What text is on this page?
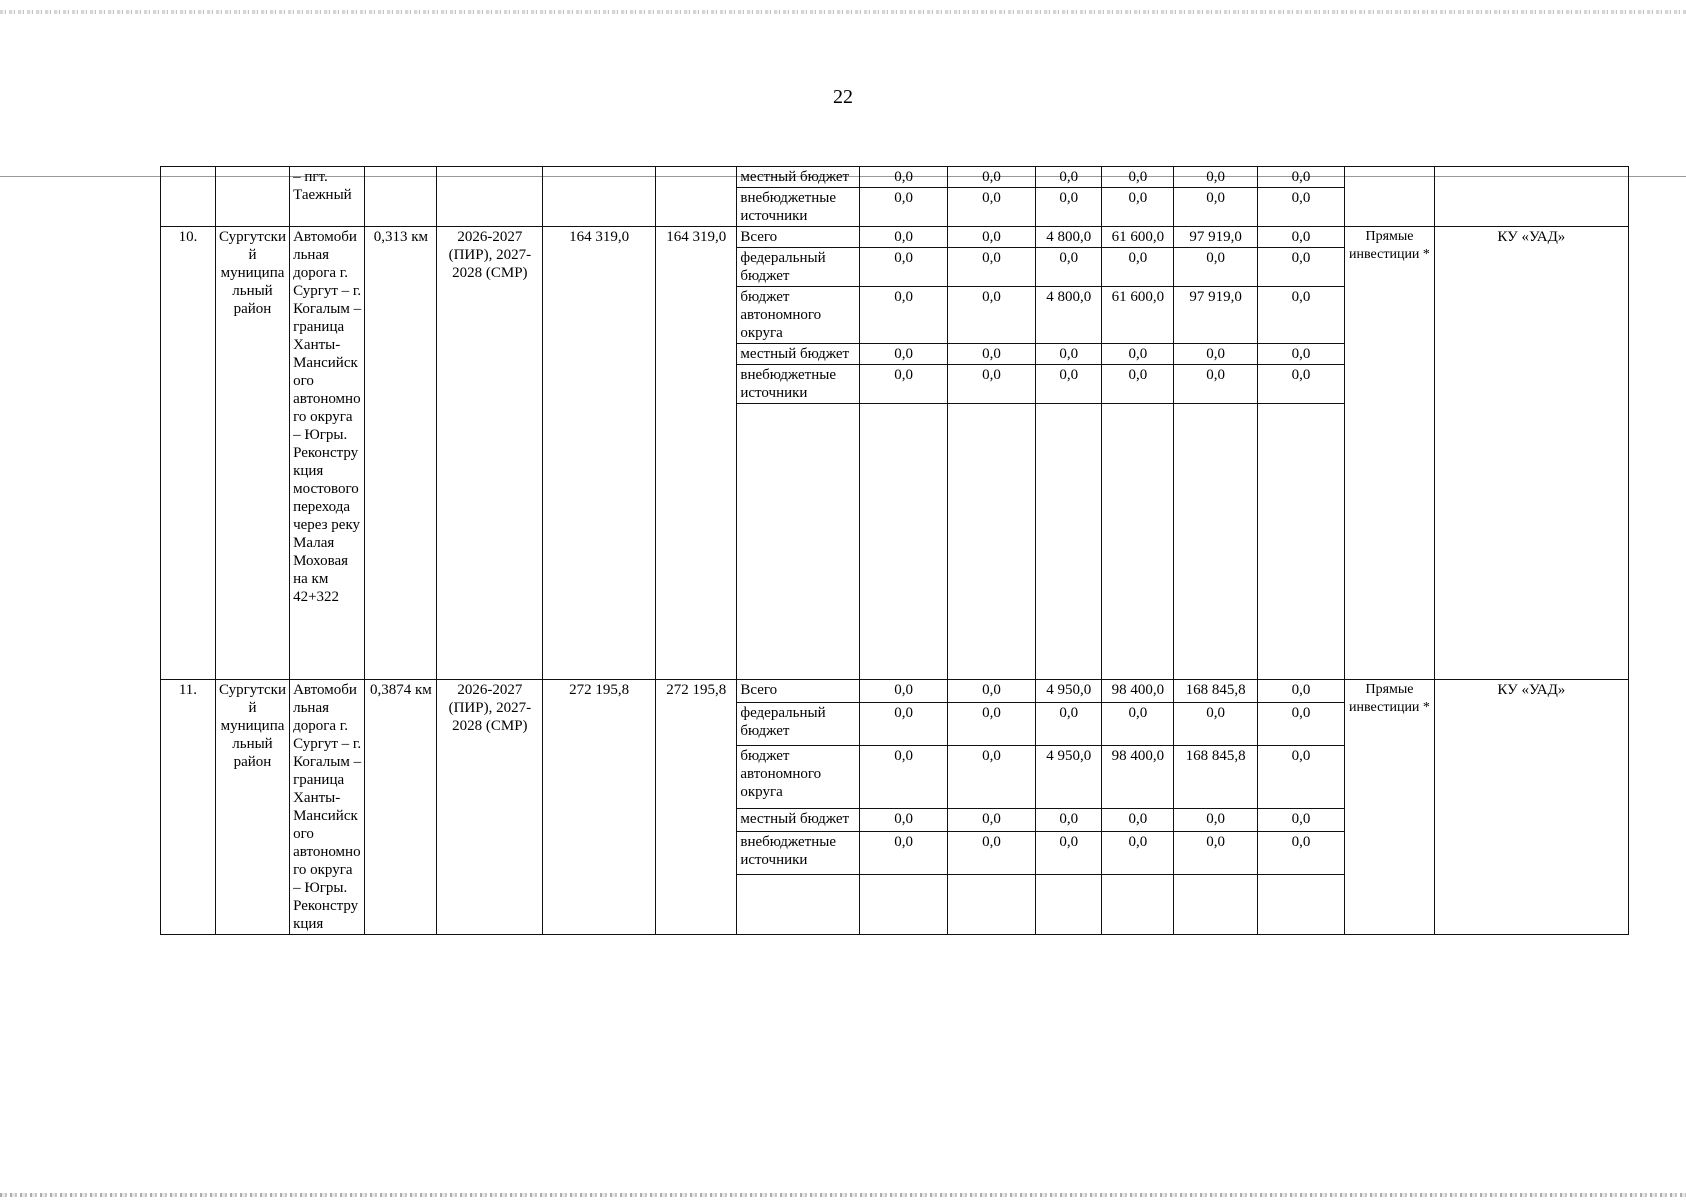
22
		– пгт. Таежный					местный бюджет	0,0	0,0	0,0	0,0	0,0	0,0		
							внебюджетные источники	0,0	0,0	0,0	0,0	0,0	0,0		
10.	Сургутский муниципальный район	Автомобильная дорога г. Сургут – г. Когалым – граница Ханты-Мансийского автономного округа – Югры. Реконструкция мостового перехода через реку Малая Моховая на км 42+322	0,313 км	2026-2027 (ПИР), 2027-2028 (СМР)	164 319,0	164 319,0	Всего	0,0	0,0	4 800,0	61 600,0	97 919,0	0,0	Прямые инвестиции *	КУ «УАД»
							федеральный бюджет	0,0	0,0	0,0	0,0	0,0	0,0		
							бюджет автономного округа	0,0	0,0	4 800,0	61 600,0	97 919,0	0,0		
							местный бюджет	0,0	0,0	0,0	0,0	0,0	0,0		
							внебюджетные источники	0,0	0,0	0,0	0,0	0,0	0,0		

11.	Сургутский муниципальный район	Автомобильная дорога г. Сургут – г. Когалым – граница Ханты-Мансийского автономного округа – Югры. Реконструкция	0,3874 км	2026-2027 (ПИР), 2027-2028 (СМР)	272 195,8	272 195,8	Всего	0,0	0,0	4 950,0	98 400,0	168 845,8	0,0	Прямые инвестиции *	КУ «УАД»
							федеральный бюджет	0,0	0,0	0,0	0,0	0,0	0,0		
							бюджет автономного округа	0,0	0,0	4 950,0	98 400,0	168 845,8	0,0		
							местный бюджет	0,0	0,0	0,0	0,0	0,0	0,0		
							внебюджетные источники	0,0	0,0	0,0	0,0	0,0	0,0		
